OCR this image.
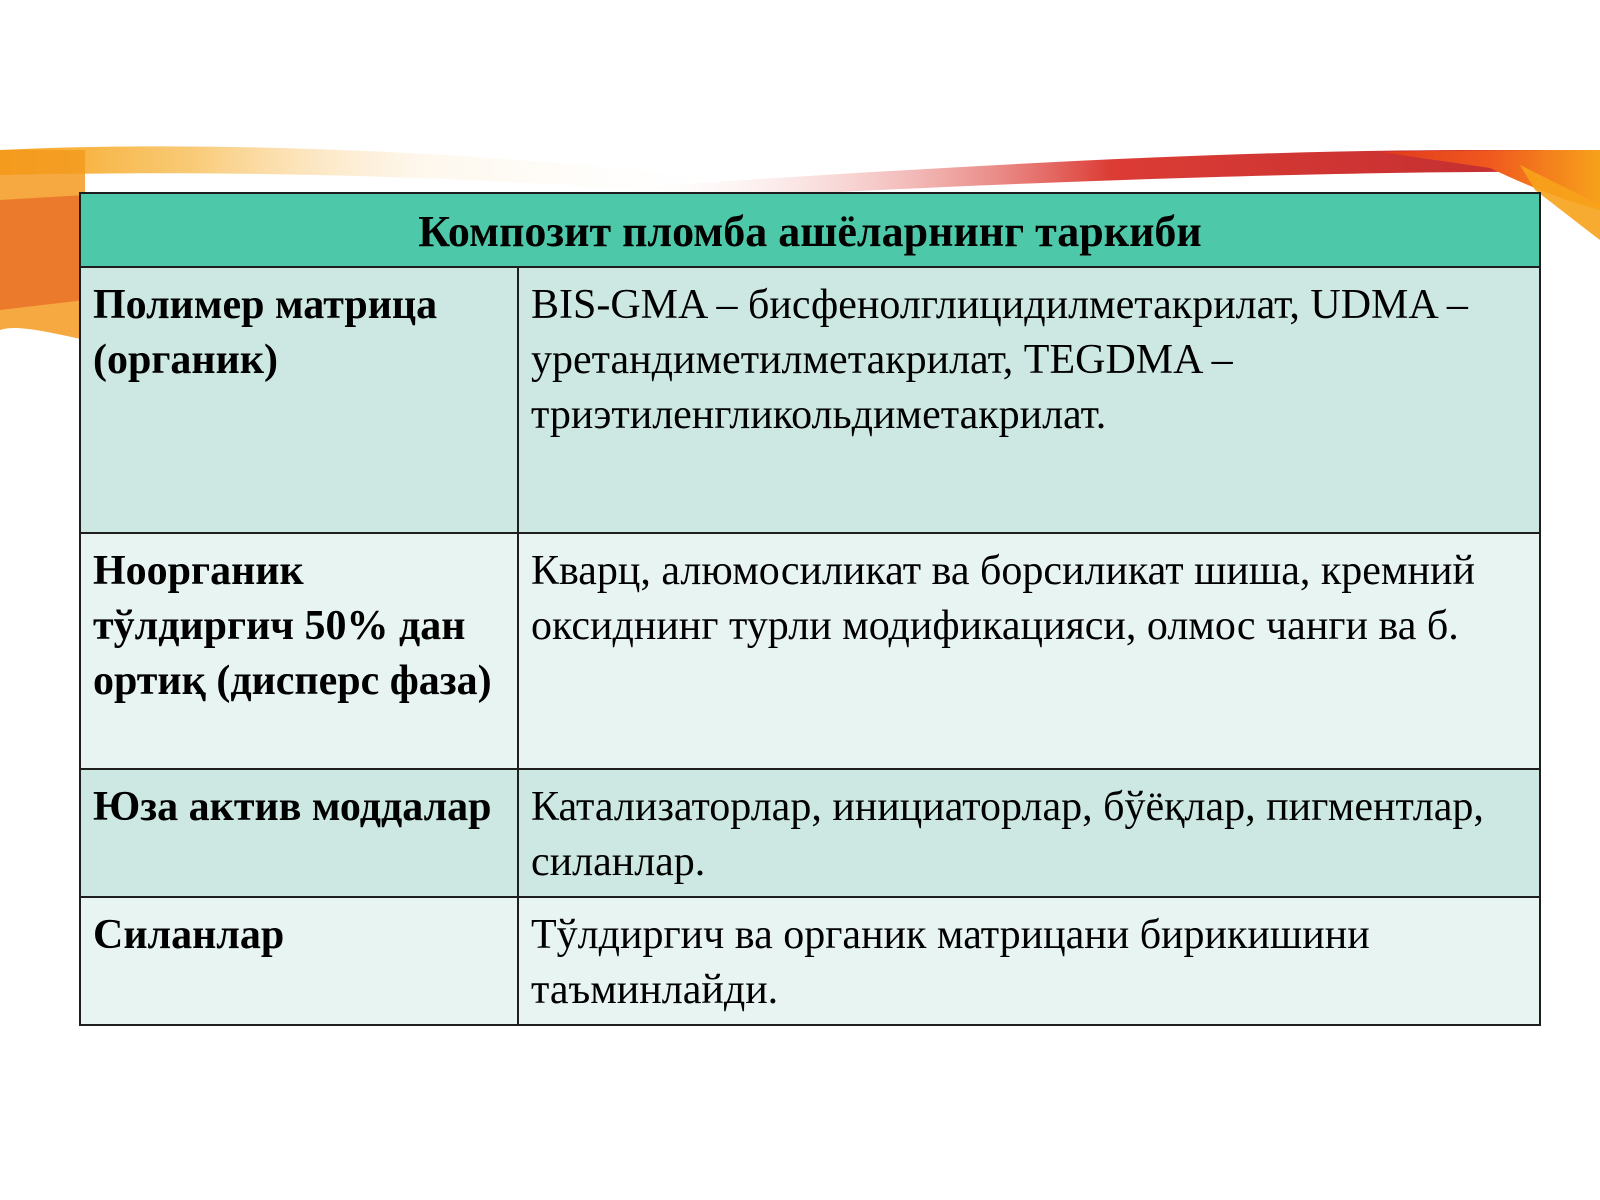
Композит пломба ашёларнинг таркиби	
Полимер матрица (органик)	BIS-GMA – бисфенолглицидилметакрилат, UDMA – уретандиметилметакрилат, TEGDMA – триэтиленгликольдиметакрилат.
Ноорганик тўлдиргич 50% дан ортиқ (дисперс фаза)	Кварц, алюмосиликат ва борсиликат шиша, кремний оксиднинг турли модификацияси, олмос чанги ва б.
Юза актив моддалар	Катализаторлар, инициаторлар, бўёқлар, пигментлар, силанлар.
Силанлар	Тўлдиргич ва органик матрицани бирикишини таъминлайди.
